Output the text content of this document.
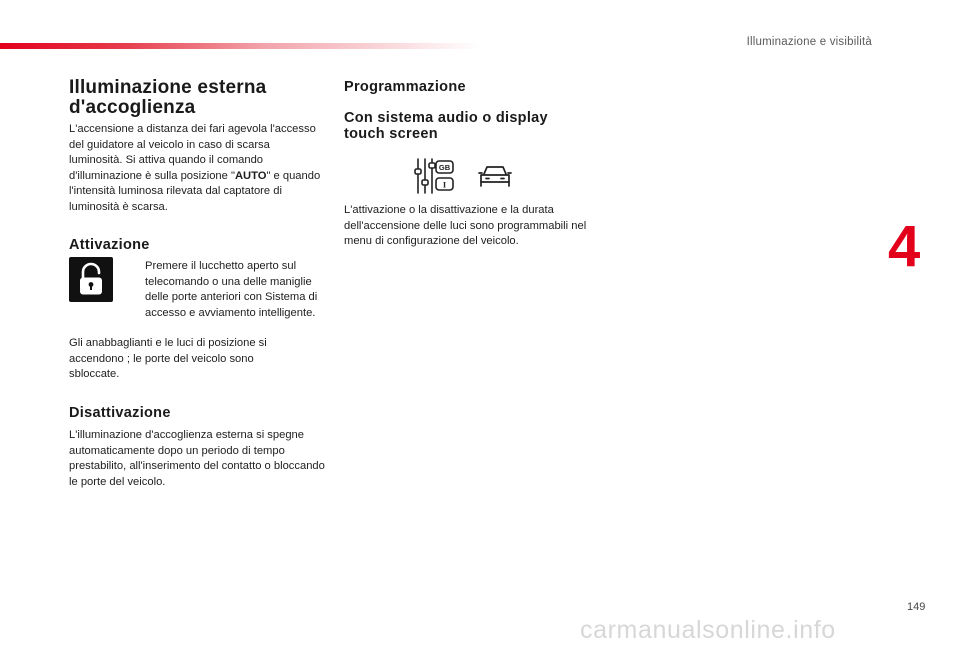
Illuminazione e visibilità
4
Illuminazione esterna d'accoglienza

L'accensione a distanza dei fari agevola l'accesso del guidatore al veicolo in caso di scarsa luminosità. Si attiva quando il comando d'illuminazione è sulla posizione "AUTO" e quando l'intensità luminosa rilevata dal captatore di luminosità è scarsa.

Attivazione
Premere il lucchetto aperto sul telecomando o una delle maniglie delle porte anteriori con Sistema di accesso e avviamento intelligente.

Gli anabbaglianti e le luci di posizione si accendono ; le porte del veicolo sono sbloccate.

Disattivazione

L'illuminazione d'accoglienza esterna si spegne automaticamente dopo un periodo di tempo prestabilito, all'inserimento del contatto o bloccando le porte del veicolo.

Programmazione
Con sistema audio o display touch screen
GB
I

L'attivazione o la disattivazione e la durata dell'accensione delle luci sono programmabili nel menu di configurazione del veicolo.

149
carmanualsonline.info
